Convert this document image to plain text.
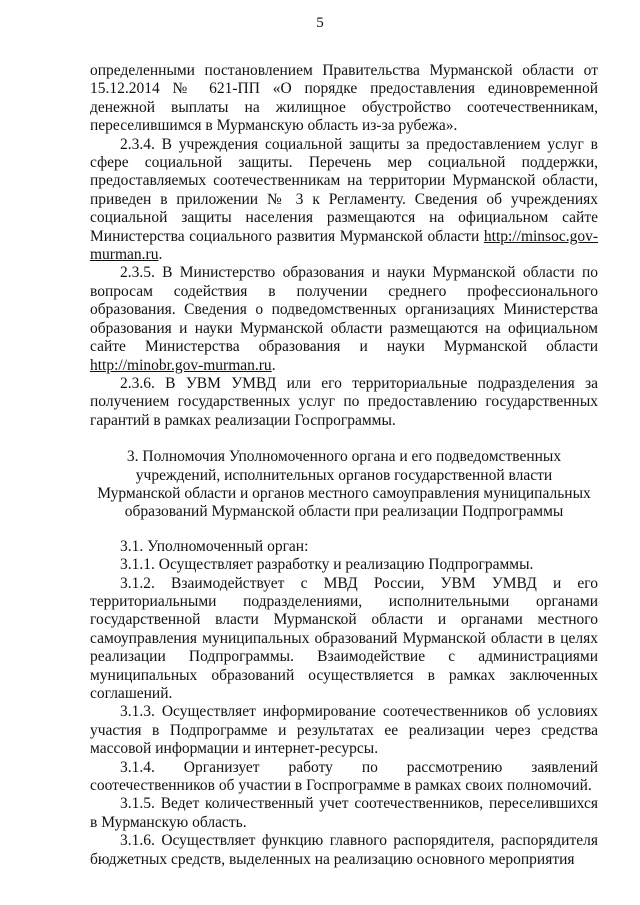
5

определенными постановлением Правительства Мурманской области от 15.12.2014 № 621-ПП «О порядке предоставления единовременной денежной выплаты на жилищное обустройство соотечественникам, переселившимся в Мурманскую область из-за рубежа».

2.3.4. В учреждения социальной защиты за предоставлением услуг в сфере социальной защиты. Перечень мер социальной поддержки, предоставляемых соотечественникам на территории Мурманской области, приведен в приложении № 3 к Регламенту. Сведения об учреждениях социальной защиты населения размещаются на официальном сайте Министерства социального развития Мурманской области http://minsoc.gov-murman.ru.

2.3.5. В Министерство образования и науки Мурманской области по вопросам содействия в получении среднего профессионального образования. Сведения о подведомственных организациях Министерства образования и науки Мурманской области размещаются на официальном сайте Министерства образования и науки Мурманской области http://minobr.gov-murman.ru.

2.3.6. В УВМ УМВД или его территориальные подразделения за получением государственных услуг по предоставлению государственных гарантий в рамках реализации Госпрограммы.

3. Полномочия Уполномоченного органа и его подведомственных учреждений, исполнительных органов государственной власти Мурманской области и органов местного самоуправления муниципальных образований Мурманской области при реализации Подпрограммы

3.1. Уполномоченный орган:

3.1.1. Осуществляет разработку и реализацию Подпрограммы.

3.1.2. Взаимодействует с МВД России, УВМ УМВД и его территориальными подразделениями, исполнительными органами государственной власти Мурманской области и органами местного самоуправления муниципальных образований Мурманской области в целях реализации Подпрограммы. Взаимодействие с администрациями муниципальных образований осуществляется в рамках заключенных соглашений.

3.1.3. Осуществляет информирование соотечественников об условиях участия в Подпрограмме и результатах ее реализации через средства массовой информации и интернет-ресурсы.

3.1.4. Организует работу по рассмотрению заявлений соотечественников об участии в Госпрограмме в рамках своих полномочий.

3.1.5. Ведет количественный учет соотечественников, переселившихся в Мурманскую область.

3.1.6. Осуществляет функцию главного распорядителя, распорядителя бюджетных средств, выделенных на реализацию основного мероприятия
